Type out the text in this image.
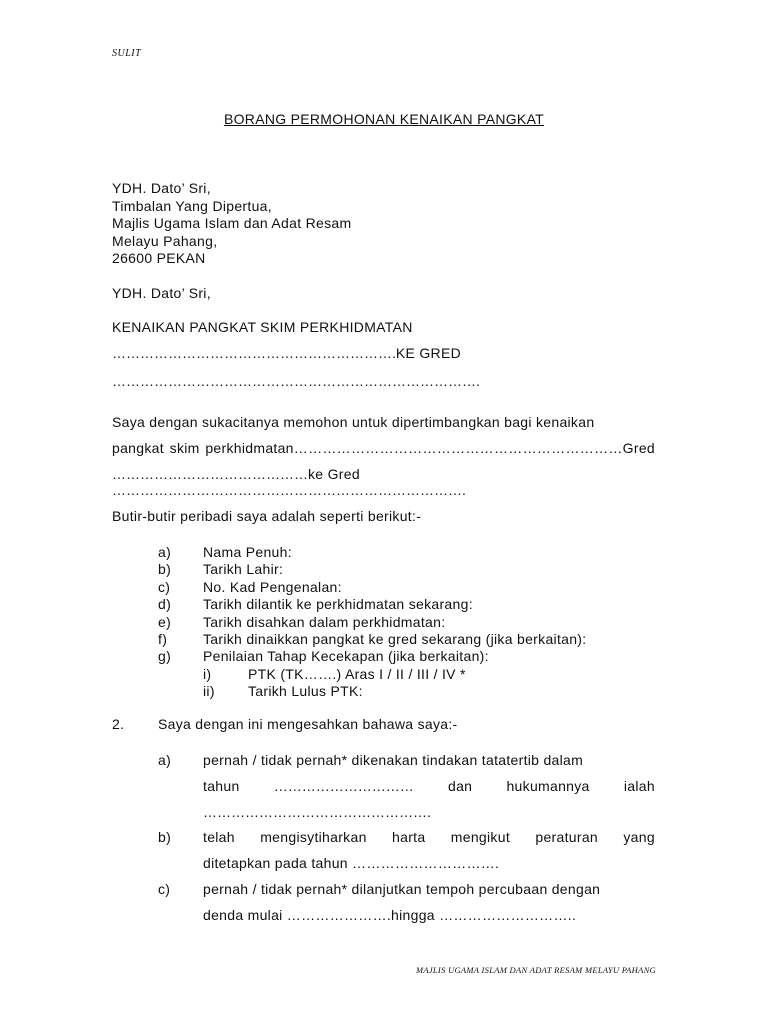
SULIT
BORANG PERMOHONAN KENAIKAN PANGKAT
YDH. Dato’ Sri,
Timbalan Yang Dipertua,
Majlis Ugama Islam dan Adat Resam
Melayu Pahang,
26600 PEKAN
YDH. Dato’ Sri,
KENAIKAN PANGKAT SKIM PERKHIDMATAN
…………………………………………………….KE GRED
…………………………………………………………………….
Saya dengan sukacitanya memohon untuk dipertimbangkan bagi kenaikan
pangkat skim perkhidmatan……………………………………………………………Gred
……………………………………ke Gred ………………………………………………………………….
Butir-butir peribadi saya adalah seperti berikut:-
a)	Nama Penuh:
b)	Tarikh Lahir:
c)	No. Kad Pengenalan:
d)	Tarikh dilantik ke perkhidmatan sekarang:
e)	Tarikh disahkan dalam perkhidmatan:
f)	Tarikh dinaikkan pangkat ke gred sekarang (jika berkaitan):
g)	Penilaian Tahap Kecekapan (jika berkaitan):
i)	PTK (TK…….) Aras I / II / III / IV *
ii)	Tarikh Lulus PTK:
2. Saya dengan ini mengesahkan bahawa saya:-
a) pernah / tidak pernah* dikenakan tindakan tatatertib dalam
tahun ………………………… dan hukumannya ialah
………………………………………….
b) telah mengisytiharkan harta mengikut peraturan yang
ditetapkan pada tahun ………………………….
c) pernah / tidak pernah* dilanjutkan tempoh percubaan dengan
denda mulai ………………….hingga ………………………..
MAJLIS UGAMA ISLAM DAN ADAT RESAM MELAYU PAHANG
